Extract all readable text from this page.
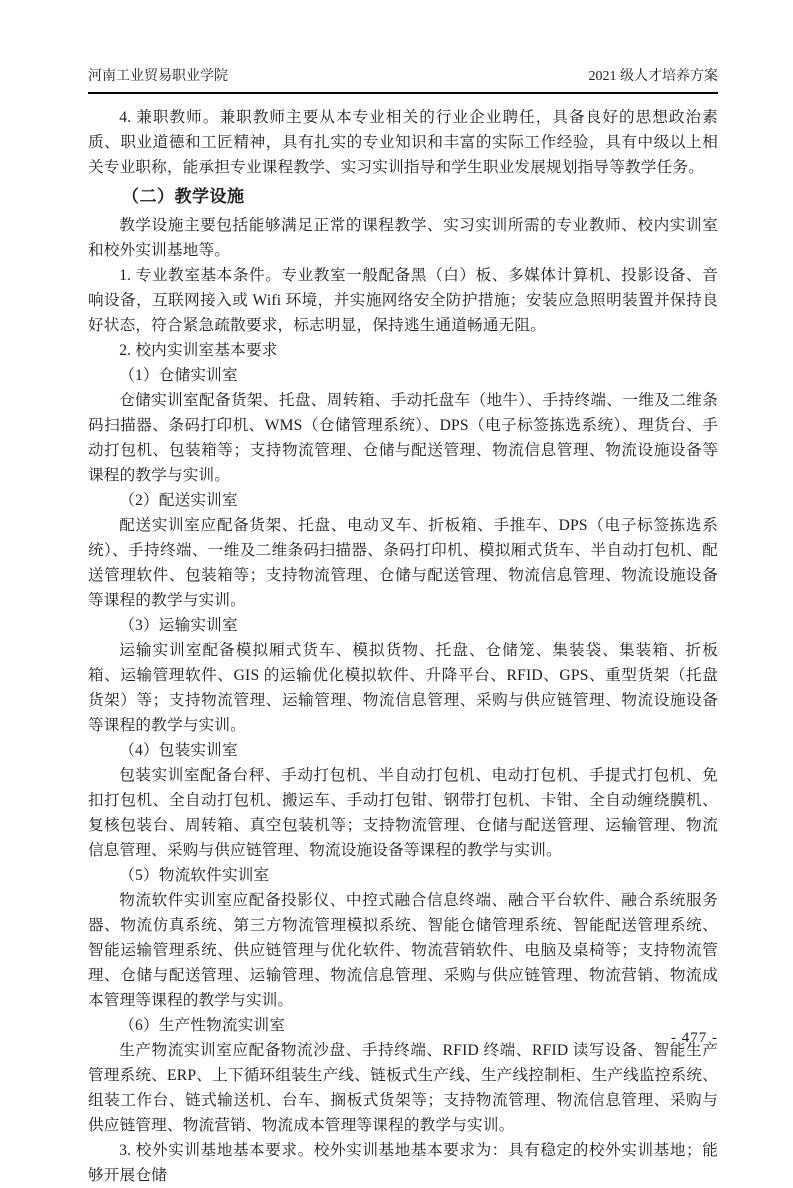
河南工业贸易职业学院	2021 级人才培养方案

4. 兼职教师。兼职教师主要从本专业相关的行业企业聘任，具备良好的思想政治素质、职业道德和工匠精神，具有扎实的专业知识和丰富的实际工作经验，具有中级以上相关专业职称，能承担专业课程教学、实习实训指导和学生职业发展规划指导等教学任务。

（二）教学设施

教学设施主要包括能够满足正常的课程教学、实习实训所需的专业教师、校内实训室和校外实训基地等。

1. 专业教室基本条件。专业教室一般配备黑（白）板、多媒体计算机、投影设备、音响设备，互联网接入或 Wifi 环境，并实施网络安全防护措施；安装应急照明装置并保持良好状态，符合紧急疏散要求，标志明显，保持逃生通道畅通无阻。

2. 校内实训室基本要求

（1）仓储实训室

仓储实训室配备货架、托盘、周转箱、手动托盘车（地牛）、手持终端、一维及二维条码扫描器、条码打印机、WMS（仓储管理系统）、DPS（电子标签拣选系统）、理货台、手动打包机、包装箱等；支持物流管理、仓储与配送管理、物流信息管理、物流设施设备等课程的教学与实训。

（2）配送实训室

配送实训室应配备货架、托盘、电动叉车、折板箱、手推车、DPS（电子标签拣选系统）、手持终端、一维及二维条码扫描器、条码打印机、模拟厢式货车、半自动打包机、配送管理软件、包装箱等；支持物流管理、仓储与配送管理、物流信息管理、物流设施设备等课程的教学与实训。

（3）运输实训室

运输实训室配备模拟厢式货车、模拟货物、托盘、仓储笼、集装袋、集装箱、折板箱、运输管理软件、GIS 的运输优化模拟软件、升降平台、RFID、GPS、重型货架（托盘货架）等；支持物流管理、运输管理、物流信息管理、采购与供应链管理、物流设施设备等课程的教学与实训。

（4）包装实训室

包装实训室配备台秤、手动打包机、半自动打包机、电动打包机、手提式打包机、免扣打包机、全自动打包机、搬运车、手动打包钳、钢带打包机、卡钳、全自动缠绕膜机、复核包装台、周转箱、真空包装机等；支持物流管理、仓储与配送管理、运输管理、物流信息管理、采购与供应链管理、物流设施设备等课程的教学与实训。

（5）物流软件实训室

物流软件实训室应配备投影仪、中控式融合信息终端、融合平台软件、融合系统服务器、物流仿真系统、第三方物流管理模拟系统、智能仓储管理系统、智能配送管理系统、智能运输管理系统、供应链管理与优化软件、物流营销软件、电脑及桌椅等；支持物流管理、仓储与配送管理、运输管理、物流信息管理、采购与供应链管理、物流营销、物流成本管理等课程的教学与实训。

（6）生产性物流实训室

生产物流实训室应配备物流沙盘、手持终端、RFID 终端、RFID 读写设备、智能生产管理系统、ERP、上下循环组装生产线、链板式生产线、生产线控制柜、生产线监控系统、组装工作台、链式输送机、台车、搁板式货架等；支持物流管理、物流信息管理、采购与供应链管理、物流营销、物流成本管理等课程的教学与实训。

3. 校外实训基地基本要求。校外实训基地基本要求为：具有稳定的校外实训基地；能够开展仓储

- 477 -
